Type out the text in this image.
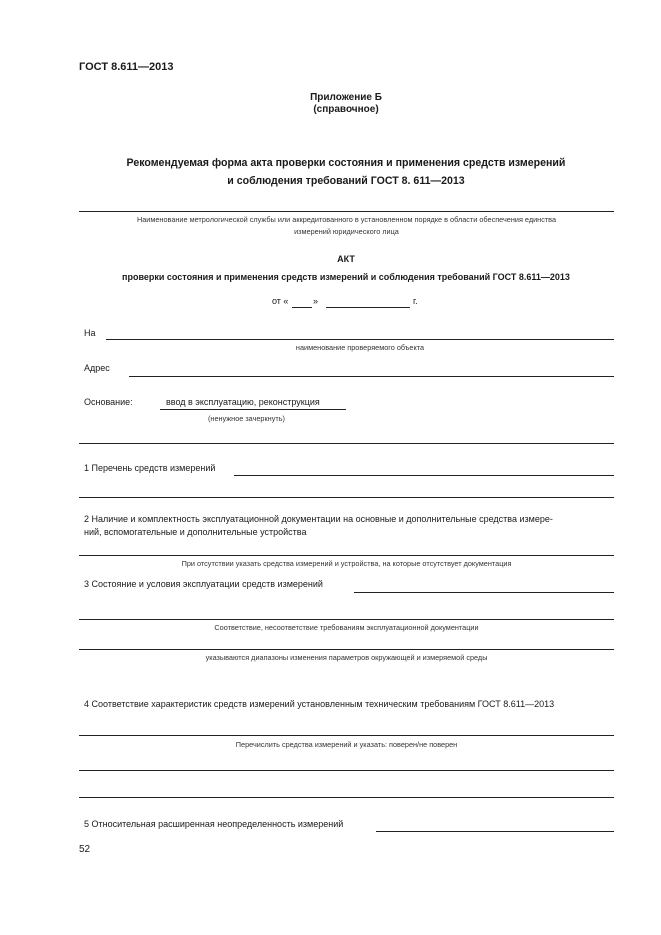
ГОСТ 8.611—2013
Приложение Б
(справочное)
Рекомендуемая форма акта проверки состояния и применения средств измерений
и соблюдения требований ГОСТ 8. 611—2013
Наименование метрологической службы или аккредитованного в установленном порядке в области обеспечения единства
измерений юридического лица
АКТ
проверки состояния и применения средств измерений и соблюдения требований ГОСТ 8.611—2013
от «	»	г.
На
наименование проверяемого объекта
Адрес
Основание:	ввод в эксплуатацию, реконструкция
(ненужное зачеркнуть)
1 Перечень средств измерений
2 Наличие и комплектность эксплуатационной документации на основные и дополнительные средства измере-
ний, вспомогательные и дополнительные устройства
При отсутствии указать средства измерений и устройства, на которые отсутствует документация
3 Состояние и условия эксплуатации средств измерений
Соответствие, несоответствие требованиям эксплуатационной документации
указываются диапазоны изменения параметров окружающей и измеряемой среды
4 Соответствие характеристик средств измерений установленным техническим требованиям ГОСТ 8.611—2013
Перечислить средства измерений и указать: поверен/не поверен
5 Относительная расширенная неопределенность измерений
52
